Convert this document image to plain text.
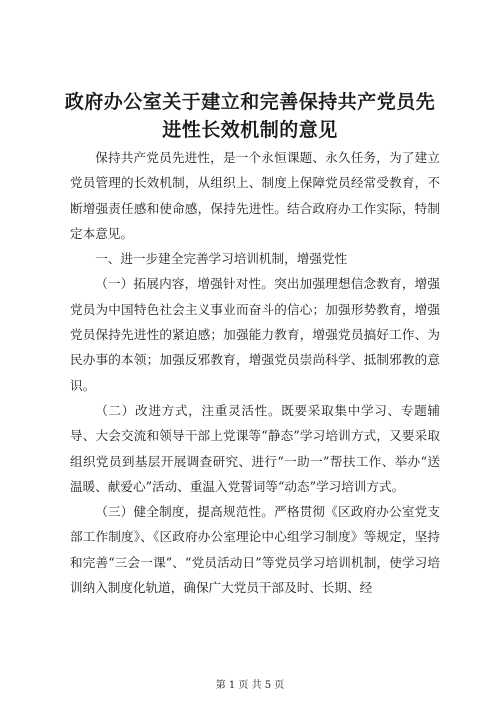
政府办公室关于建立和完善保持共产党员先进性长效机制的意见

保持共产党员先进性，是一个永恒课题、永久任务，为了建立党员管理的长效机制，从组织上、制度上保障党员经常受教育，不断增强责任感和使命感，保持先进性。结合政府办工作实际，特制定本意见。

一、进一步建全完善学习培训机制，增强党性

（一）拓展内容，增强针对性。突出加强理想信念教育，增强党员为中国特色社会主义事业而奋斗的信心；加强形势教育，增强党员保持先进性的紧迫感；加强能力教育，增强党员搞好工作、为民办事的本领；加强反邪教育，增强党员崇尚科学、抵制邪教的意识。

（二）改进方式，注重灵活性。既要采取集中学习、专题辅导、大会交流和领导干部上党课等“静态”学习培训方式，又要采取组织党员到基层开展调查研究、进行“一助一”帮扶工作、举办“送温暖、献爱心”活动、重温入党誓词等“动态”学习培训方式。

（三）健全制度，提高规范性。严格贯彻《区政府办公室党支部工作制度》、《区政府办公室理论中心组学习制度》等规定，坚持和完善“三会一课”、“党员活动日”等党员学习培训机制，使学习培训纳入制度化轨道，确保广大党员干部及时、长期、经

第 1 页 共 5 页
